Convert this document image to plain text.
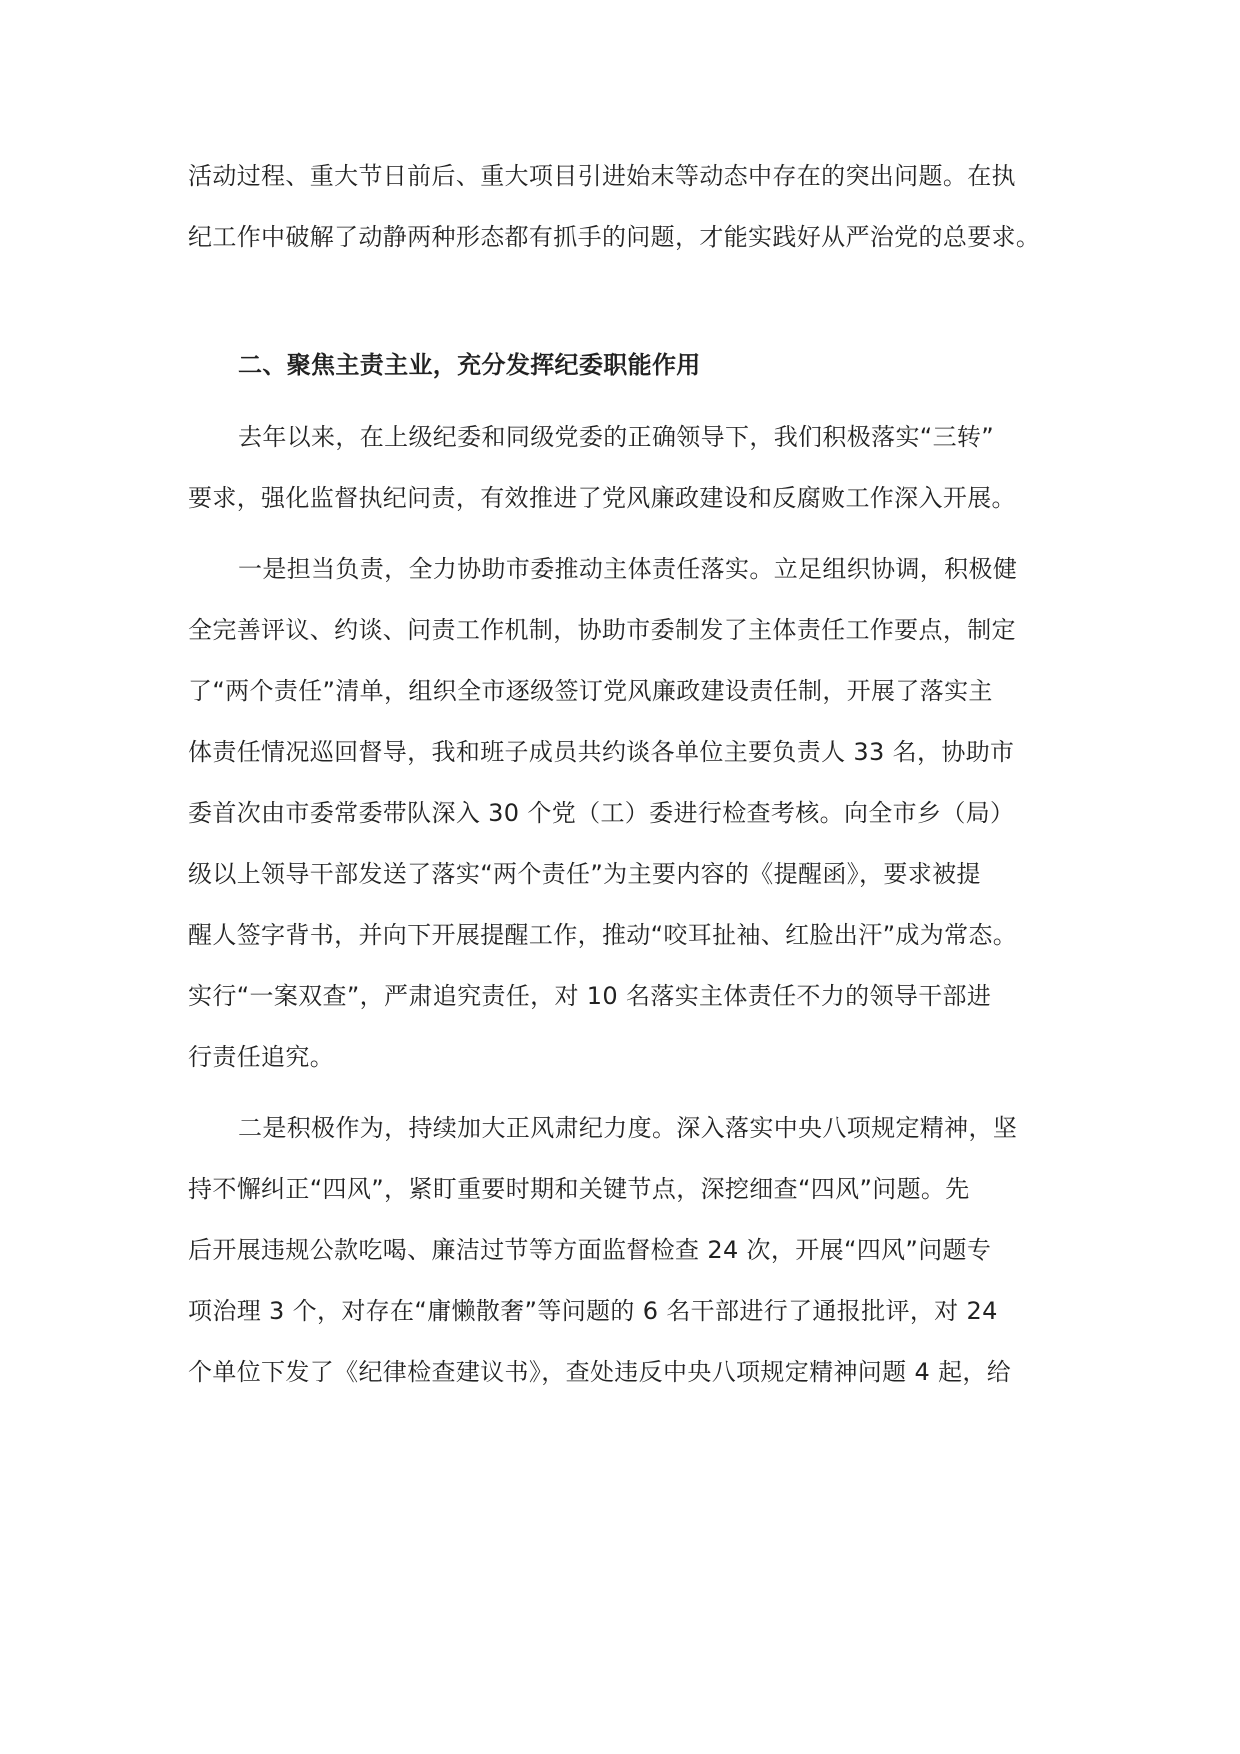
活动过程、重大节日前后、重大项目引进始末等动态中存在的突出问题。在执
纪工作中破解了动静两种形态都有抓手的问题，才能实践好从严治党的总要求。
二、聚焦主责主业，充分发挥纪委职能作用
去年以来，在上级纪委和同级党委的正确领导下，我们积极落实“三转”
要求，强化监督执纪问责，有效推进了党风廉政建设和反腐败工作深入开展。
一是担当负责，全力协助市委推动主体责任落实。立足组织协调，积极健
全完善评议、约谈、问责工作机制，协助市委制发了主体责任工作要点，制定
了“两个责任”清单，组织全市逐级签订党风廉政建设责任制，开展了落实主
体责任情况巡回督导，我和班子成员共约谈各单位主要负责人 33 名，协助市
委首次由市委常委带队深入 30 个党（工）委进行检查考核。向全市乡（局）
级以上领导干部发送了落实“两个责任”为主要内容的《提醒函》，要求被提
醒人签字背书，并向下开展提醒工作，推动“咬耳扯袖、红脸出汗”成为常态。
实行“一案双查”，严肃追究责任，对 10 名落实主体责任不力的领导干部进
行责任追究。
二是积极作为，持续加大正风肃纪力度。深入落实中央八项规定精神，坚
持不懈纠正“四风”，紧盯重要时期和关键节点，深挖细查“四风”问题。先
后开展违规公款吃喝、廉洁过节等方面监督检查 24 次，开展“四风”问题专
项治理 3 个，对存在“庸懒散奢”等问题的 6 名干部进行了通报批评，对 24
个单位下发了《纪律检查建议书》，查处违反中央八项规定精神问题 4 起，给
